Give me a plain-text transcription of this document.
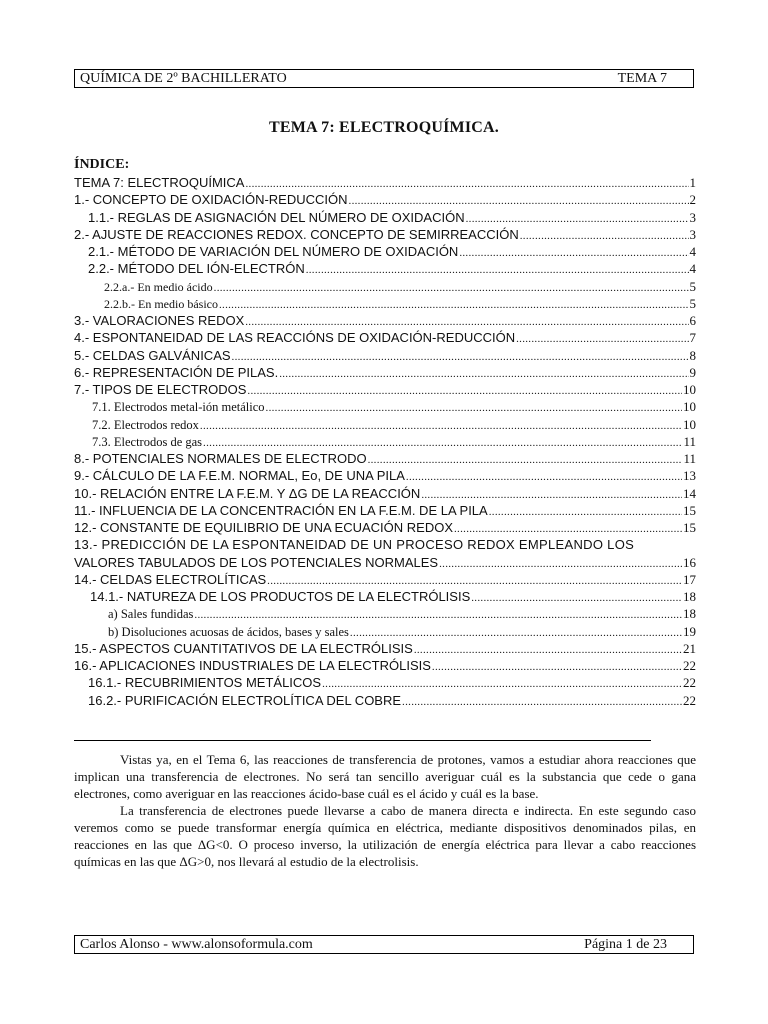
QUÍMICA DE 2º BACHILLERATO	TEMA 7
TEMA 7: ELECTROQUÍMICA.
ÍNDICE:
TEMA 7: ELECTROQUÍMICA .....	1
1.- CONCEPTO DE OXIDACIÓN-REDUCCIÓN .....	2
1.1.- REGLAS DE ASIGNACIÓN DEL NÚMERO DE OXIDACIÓN .....	3
2.- AJUSTE DE REACCIONES REDOX. CONCEPTO DE SEMIRREACCIÓN .....	3
2.1.- MÉTODO DE VARIACIÓN DEL NÚMERO DE OXIDACIÓN .....	4
2.2.- MÉTODO DEL IÓN-ELECTRÓN .....	4
2.2.a.- En medio ácido .....	5
2.2.b.- En medio básico .....	5
3.- VALORACIONES REDOX .....	6
4.- ESPONTANEIDAD DE LAS REACCIÓNS DE OXIDACIÓN-REDUCCIÓN .....	7
5.- CELDAS GALVÁNICAS .....	8
6.- REPRESENTACIÓN DE PILAS. .....	9
7.- TIPOS DE ELECTRODOS .....	10
7.1. Electrodos metal-ión metálico .....	10
7.2. Electrodos redox .....	10
7.3. Electrodos de gas .....	11
8.- POTENCIALES NORMALES DE ELECTRODO .....	11
9.- CÁLCULO DE LA F.E.M. NORMAL, Eo, DE UNA PILA .....	13
10.- RELACIÓN ENTRE LA F.E.M. Y ΔG DE LA REACCIÓN .....	14
11.- INFLUENCIA DE LA CONCENTRACIÓN EN LA F.E.M. DE LA PILA .....	15
12.- CONSTANTE DE EQUILIBRIO DE UNA ECUACIÓN REDOX .....	15
13.- PREDICCIÓN DE LA ESPONTANEIDAD DE UN PROCESO REDOX EMPLEANDO LOS
VALORES TABULADOS DE LOS POTENCIALES NORMALES .....	16
14.- CELDAS ELECTROLÍTICAS .....	17
14.1.- NATUREZA DE LOS PRODUCTOS DE LA ELECTRÓLISIS .....	18
a) Sales fundidas .....	18
b) Disoluciones acuosas de ácidos, bases y sales .....	19
15.- ASPECTOS CUANTITATIVOS DE LA ELECTRÓLISIS .....	21
16.- APLICACIONES INDUSTRIALES DE LA ELECTRÓLISIS .....	22
16.1.- RECUBRIMIENTOS METÁLICOS .....	22
16.2.- PURIFICACIÓN ELECTROLÍTICA DEL COBRE .....	22

Vistas ya, en el Tema 6, las reacciones de transferencia de protones, vamos a estudiar ahora reacciones que implican una transferencia de electrones. No será tan sencillo averiguar cuál es la substancia que cede o gana electrones, como averiguar en las reacciones ácido-base cuál es el ácido y cuál es la base.

La transferencia de electrones puede llevarse a cabo de manera directa e indirecta. En este segundo caso veremos como se puede transformar energía química en eléctrica, mediante dispositivos denominados pilas, en reacciones en las que ΔG<0. O proceso inverso, la utilización de energía eléctrica para llevar a cabo reacciones químicas en las que ΔG>0, nos llevará al estudio de la electrolisis.

Carlos Alonso - www.alonsoformula.com	Página 1 de 23
